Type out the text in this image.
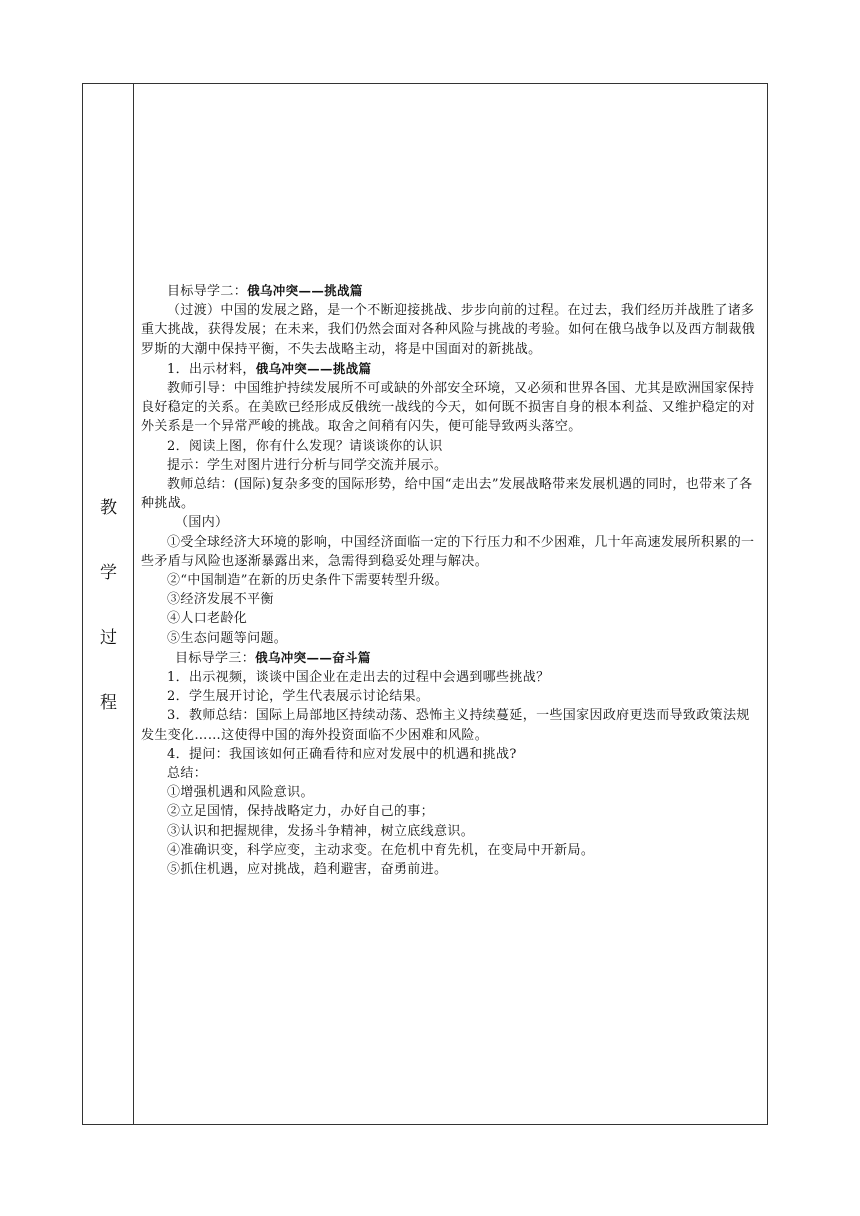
教
学
过
程

目标导学二：俄乌冲突——挑战篇

（过渡）中国的发展之路，是一个不断迎接挑战、步步向前的过程。在过去，我们经历并战胜了诸多重大挑战，获得发展；在未来，我们仍然会面对各种风险与挑战的考验。如何在俄乌战争以及西方制裁俄罗斯的大潮中保持平衡，不失去战略主动，将是中国面对的新挑战。

1．出示材料，俄乌冲突——挑战篇

教师引导：中国维护持续发展所不可或缺的外部安全环境，又必须和世界各国、尤其是欧洲国家保持良好稳定的关系。在美欧已经形成反俄统一战线的今天，如何既不损害自身的根本利益、又维护稳定的对外关系是一个异常严峻的挑战。取舍之间稍有闪失，便可能导致两头落空。

2．阅读上图，你有什么发现？请谈谈你的认识

提示：学生对图片进行分析与同学交流并展示。

教师总结：(国际)复杂多变的国际形势，给中国“走出去”发展战略带来发展机遇的同时，也带来了各种挑战。

（国内）

①受全球经济大环境的影响，中国经济面临一定的下行压力和不少困难，几十年高速发展所积累的一些矛盾与风险也逐渐暴露出来，急需得到稳妥处理与解决。

②“中国制造”在新的历史条件下需要转型升级。

③经济发展不平衡

④人口老龄化

⑤生态问题等问题。

目标导学三：俄乌冲突——奋斗篇

1．出示视频，谈谈中国企业在走出去的过程中会遇到哪些挑战？

2．学生展开讨论，学生代表展示讨论结果。

3．教师总结：国际上局部地区持续动荡、恐怖主义持续蔓延，一些国家因政府更迭而导致政策法规发生变化……这使得中国的海外投资面临不少困难和风险。

4．提问：我国该如何正确看待和应对发展中的机遇和挑战?

总结：

①增强机遇和风险意识。

②立足国情，保持战略定力，办好自己的事；

③认识和把握规律，发扬斗争精神，树立底线意识。

④准确识变，科学应变，主动求变。在危机中育先机，在变局中开新局。

⑤抓住机遇，应对挑战，趋利避害，奋勇前进。
